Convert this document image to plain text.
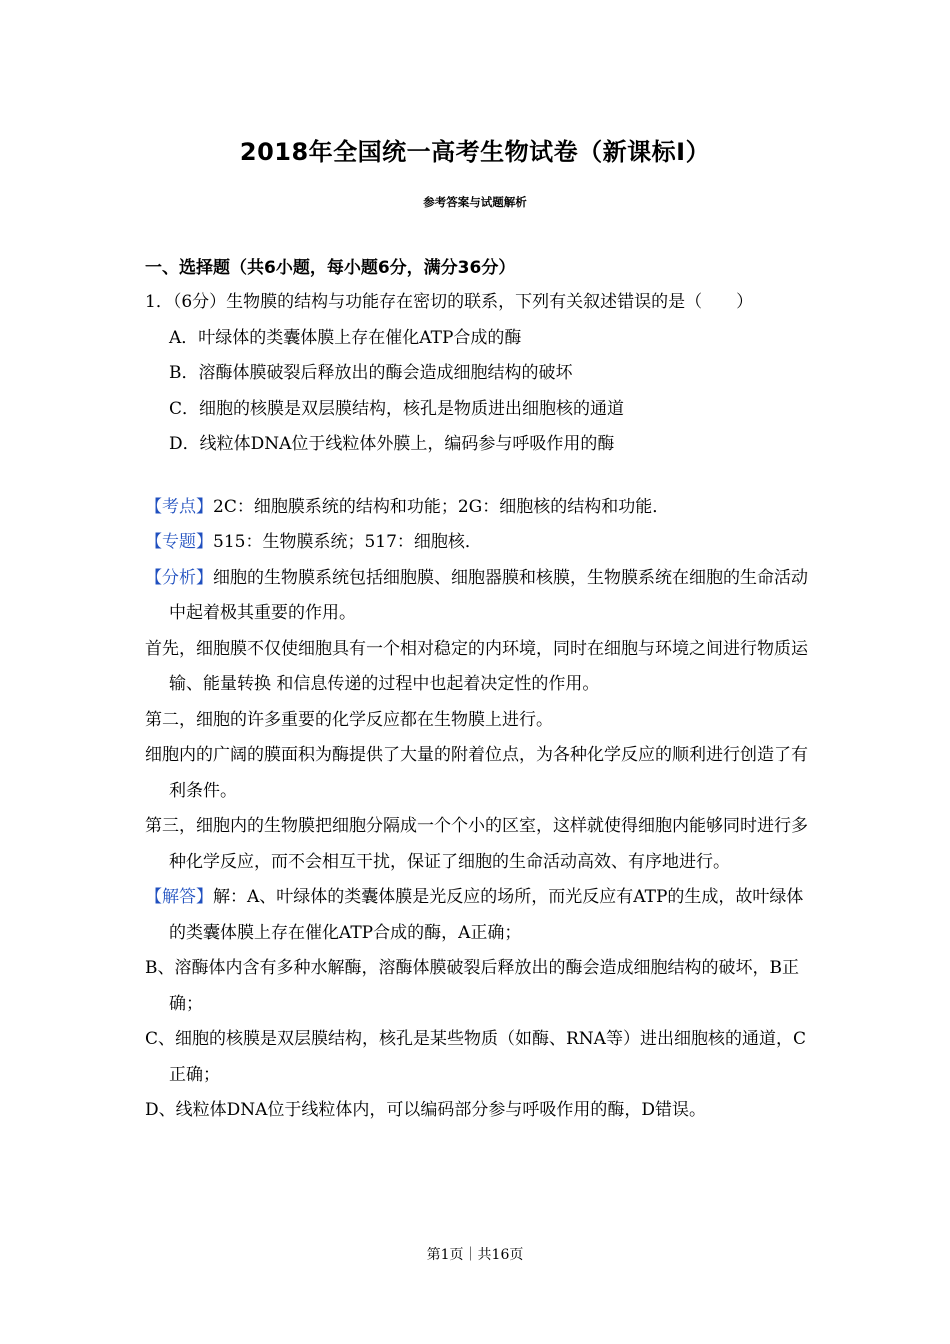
2018年全国统一高考生物试卷（新课标Ⅰ）
参考答案与试题解析
一、选择题（共6小题，每小题6分，满分36分）

1．（6分）生物膜的结构与功能存在密切的联系，下列有关叙述错误的是（　　）

A．叶绿体的类囊体膜上存在催化ATP合成的酶

B．溶酶体膜破裂后释放出的酶会造成细胞结构的破坏

C．细胞的核膜是双层膜结构，核孔是物质进出细胞核的通道

D．线粒体DNA位于线粒体外膜上，编码参与呼吸作用的酶

【考点】2C：细胞膜系统的结构和功能；2G：细胞核的结构和功能．

【专题】515：生物膜系统；517：细胞核．

【分析】细胞的生物膜系统包括细胞膜、细胞器膜和核膜，生物膜系统在细胞的生命活动中起着极其重要的作用。

首先，细胞膜不仅使细胞具有一个相对稳定的内环境，同时在细胞与环境之间进行物质运输、能量转换 和信息传递的过程中也起着决定性的作用。

第二，细胞的许多重要的化学反应都在生物膜上进行。

细胞内的广阔的膜面积为酶提供了大量的附着位点，为各种化学反应的顺利进行创造了有利条件。

第三，细胞内的生物膜把细胞分隔成一个个小的区室，这样就使得细胞内能够同时进行多种化学反应，而不会相互干扰，保证了细胞的生命活动高效、有序地进行。

【解答】解：A、叶绿体的类囊体膜是光反应的场所，而光反应有ATP的生成，故叶绿体的类囊体膜上存在催化ATP合成的酶，A正确；

B、溶酶体内含有多种水解酶，溶酶体膜破裂后释放出的酶会造成细胞结构的破坏，B正确；

C、细胞的核膜是双层膜结构，核孔是某些物质（如酶、RNA等）进出细胞核的通道，C正确；

D、线粒体DNA位于线粒体内，可以编码部分参与呼吸作用的酶，D错误。

第1页｜共16页
